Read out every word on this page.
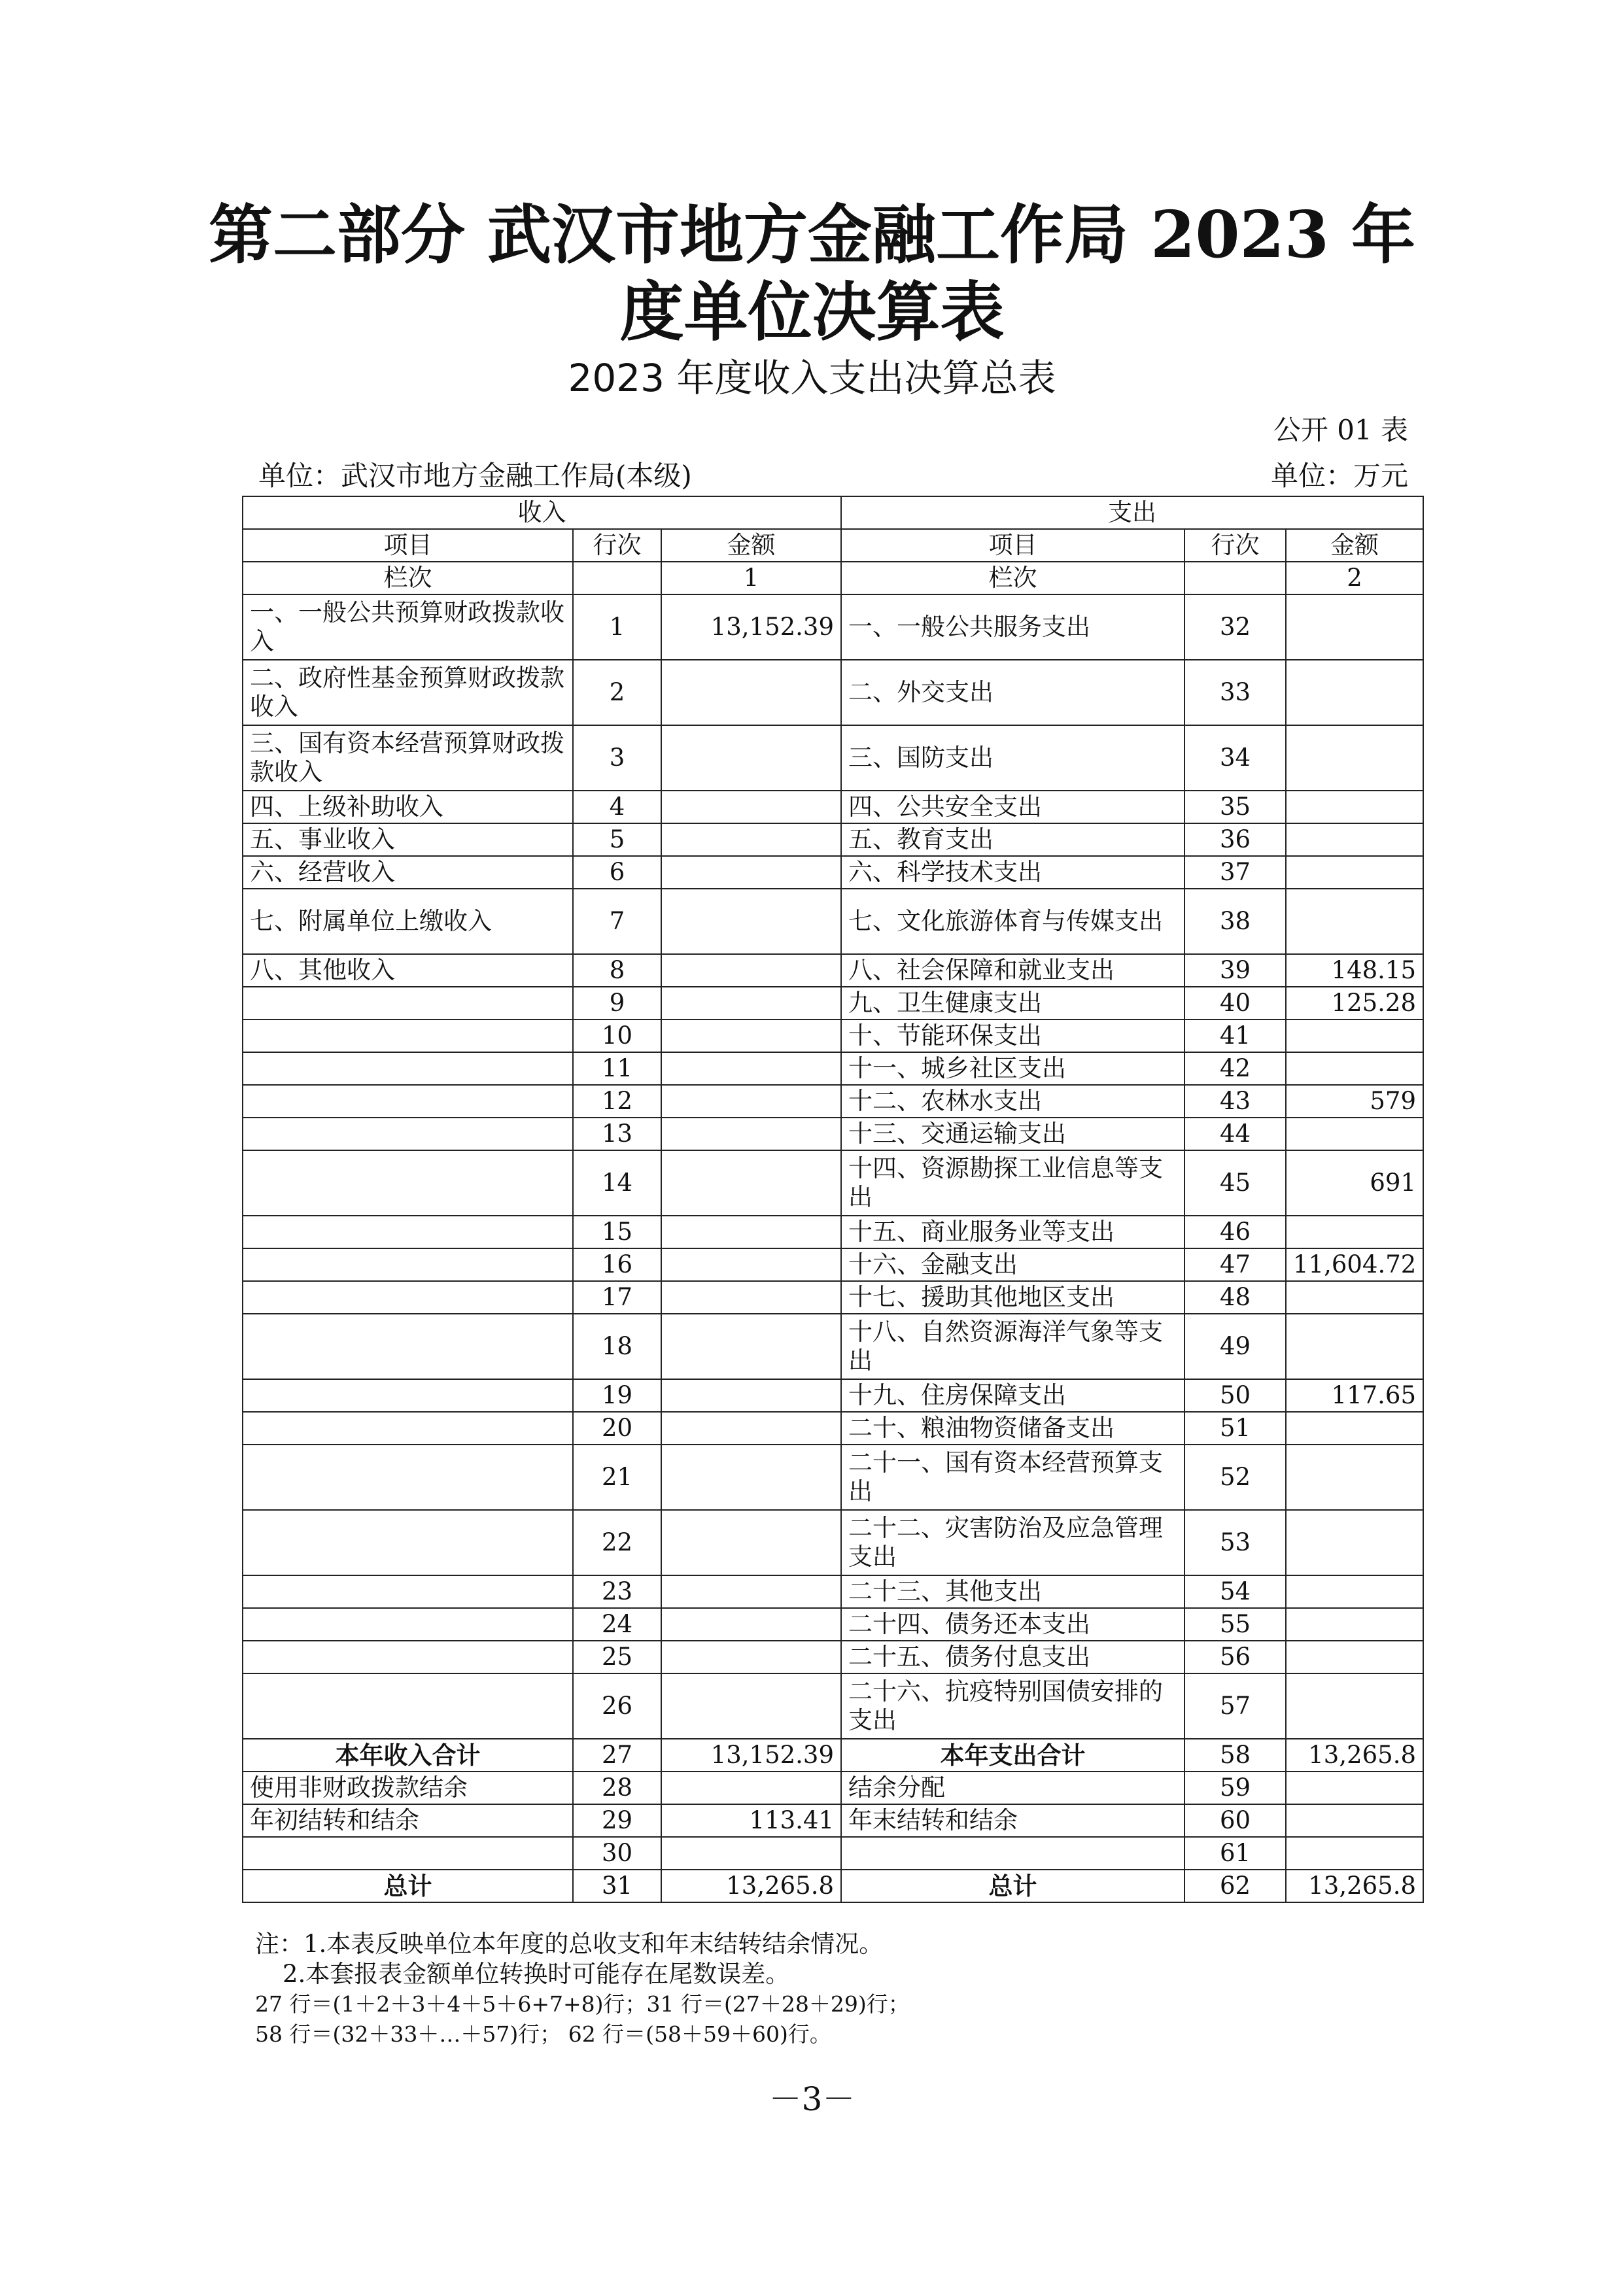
第二部分 武汉市地方金融工作局 2023 年
度单位决算表
2023 年度收入支出决算总表
公开 01 表
单位：武汉市地方金融工作局(本级)	单位：万元
收入			支出		
项目	行次	金额	项目	行次	金额
栏次		1	栏次		2
一、一般公共预算财政拨款收入	1	13,152.39	一、一般公共服务支出	32	
二、政府性基金预算财政拨款收入	2		二、外交支出	33	
三、国有资本经营预算财政拨款收入	3		三、国防支出	34	
四、上级补助收入	4		四、公共安全支出	35	
五、事业收入	5		五、教育支出	36	
六、经营收入	6		六、科学技术支出	37	
七、附属单位上缴收入	7		七、文化旅游体育与传媒支出	38	
八、其他收入	8		八、社会保障和就业支出	39	148.15
	9		九、卫生健康支出	40	125.28
	10		十、节能环保支出	41	
	11		十一、城乡社区支出	42	
	12		十二、农林水支出	43	579
	13		十三、交通运输支出	44	
	14		十四、资源勘探工业信息等支出	45	691
	15		十五、商业服务业等支出	46	
	16		十六、金融支出	47	11,604.72
	17		十七、援助其他地区支出	48	
	18		十八、自然资源海洋气象等支出	49	
	19		十九、住房保障支出	50	117.65
	20		二十、粮油物资储备支出	51	
	21		二十一、国有资本经营预算支出	52	
	22		二十二、灾害防治及应急管理支出	53	
	23		二十三、其他支出	54	
	24		二十四、债务还本支出	55	
	25		二十五、债务付息支出	56	
	26		二十六、抗疫特别国债安排的支出	57	
本年收入合计	27	13,152.39	本年支出合计	58	13,265.8
使用非财政拨款结余	28		结余分配	59	
年初结转和结余	29	113.41	年末结转和结余	60	
	30			61	
总计	31	13,265.8	总计	62	13,265.8
注：1.本表反映单位本年度的总收支和年末结转结余情况。
2.本套报表金额单位转换时可能存在尾数误差。
27 行＝(1＋2＋3＋4＋5＋6+7+8)行；31 行＝(27＋28＋29)行；
58 行＝(32＋33＋…＋57)行； 62 行＝(58＋59＋60)行。
－3－
